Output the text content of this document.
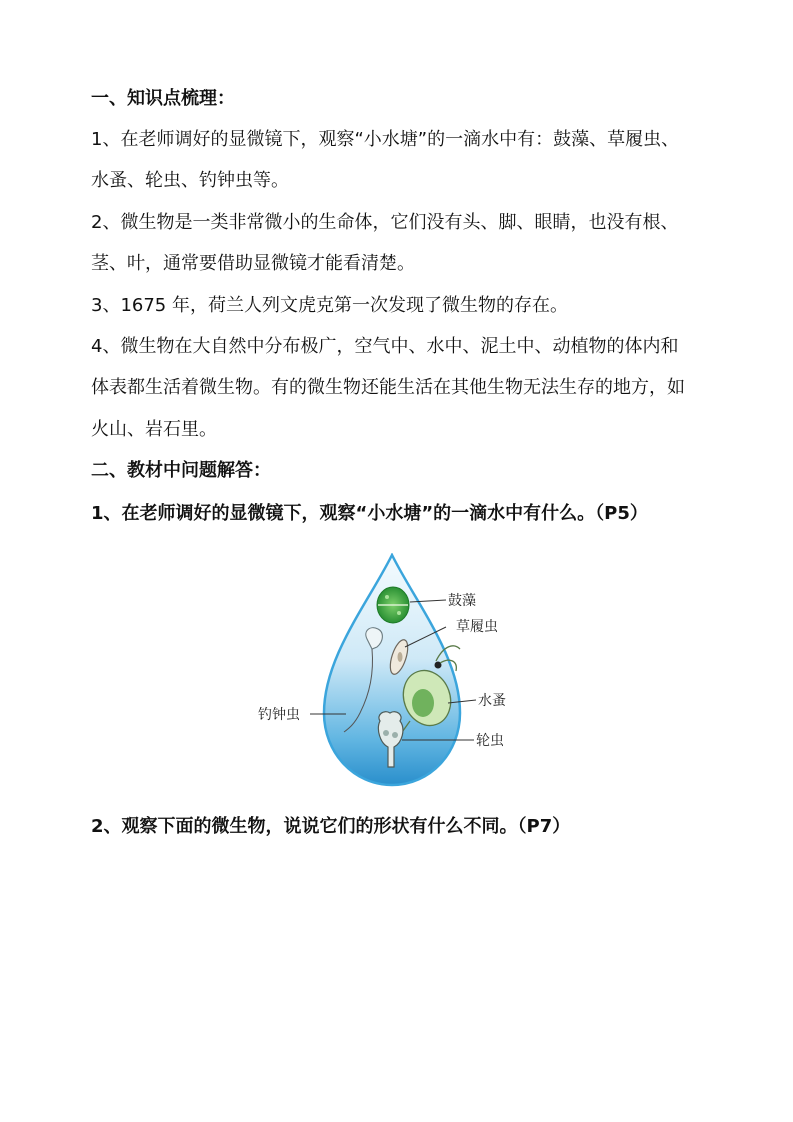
一、知识点梳理：
1、在老师调好的显微镜下，观察“小水塘”的一滴水中有：鼓藻、草履虫、
水蚤、轮虫、钓钟虫等。
2、微生物是一类非常微小的生命体，它们没有头、脚、眼睛，也没有根、
茎、叶，通常要借助显微镜才能看清楚。
3、1675 年，荷兰人列文虎克第一次发现了微生物的存在。
4、微生物在大自然中分布极广，空气中、水中、泥土中、动植物的体内和
体表都生活着微生物。有的微生物还能生活在其他生物无法生存的地方，如
火山、岩石里。
二、教材中问题解答：
1、在老师调好的显微镜下，观察“小水塘”的一滴水中有什么。（P5）
鼓藻
草履虫
水蚤
轮虫
钓钟虫
2、观察下面的微生物，说说它们的形状有什么不同。（P7）
